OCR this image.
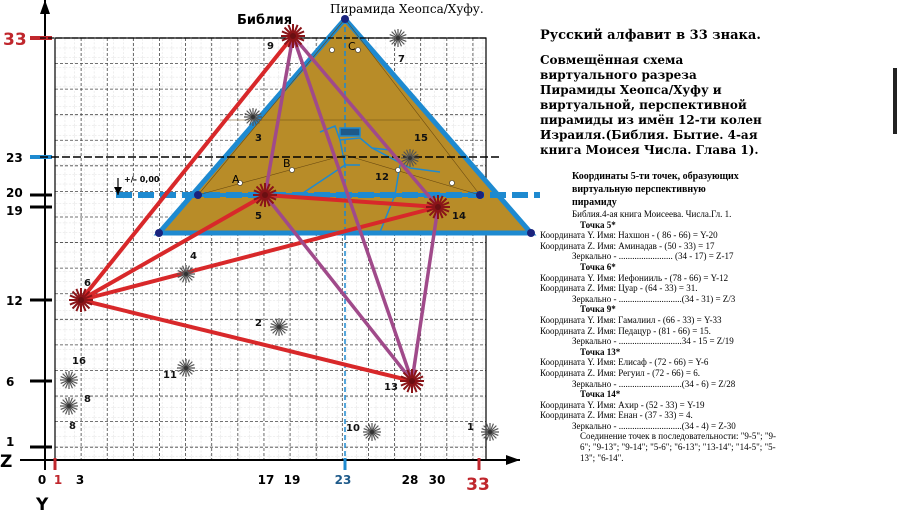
+/- 0,00
Библия
Пирамида Хеопса/Хуфу.
Y
Z
0 1 3	17 19	23	28 30 33
33
23
20
19
12
6
1
A
B
C
1
2
3
4
5
6
7
8
8
9
10
11
12
13
14
15
16
Русский алфавит в 33 знака.
Совмещённая схема виртуального разреза Пирамиды Хеопса/Хуфу и виртуальной, перспективной пирамиды из имён 12-ти колен Израиля.(Библия. Бытие. 4-ая книга Моисея Числа. Глава 1).
Координаты 5-ти точек, образующих виртуальную перспективную пирамиду
Библия.4-ая книга Моисеева. Числа.Гл. 1.
Точка 5*
Координата Y. Имя: Нахшон - ( 86 - 66) = Y-20
Координата Z. Имя: Аминадав - (50 - 33) = 17
Зеркально - ........................ (34 - 17) = Z-17
Точка 6*
Координата Y. Имя: Иефонииль - (78 - 66) = Y-12
Координата Z. Имя: Цуар - (64 - 33) = 31.
Зеркально - ............................(34 - 31) = Z/3
Точка 9*
Координата Y. Имя: Гамалиил - (66 - 33) = Y-33
Координата Z. Имя: Педацур - (81 - 66) = 15.
Зеркально - ............................34 - 15 = Z/19
Точка 13*
Координата Y. Имя: Елисаф - (72 - 66) = Y-6
Координата Z. Имя: Регуил - (72 - 66) = 6.
Зеркально - ............................(34 - 6) = Z/28
Точка 14*
Координата Y. Имя: Ахир - (52 - 33) = Y-19
Координата Z. Имя: Енан - (37 - 33) = 4.
Зеркально - ............................(34 - 4) = Z-30
Соединение точек в последовательности: "9-5"; "9-6"; "9-13"; "9-14"; "5-6"; "6-13"; "13-14"; "14-5"; "5-13"; "6-14".
